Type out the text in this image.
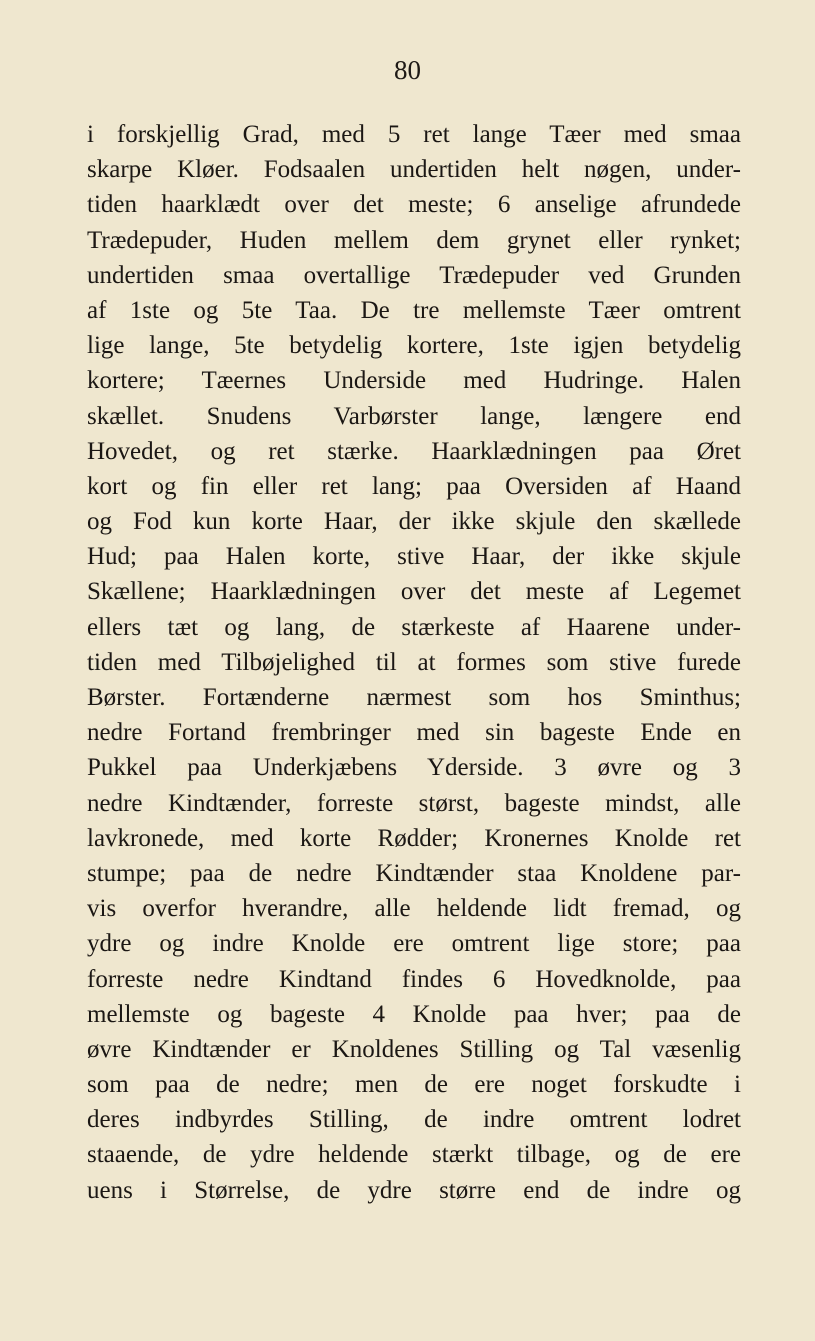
80
i forskjellig Grad, med 5 ret lange Tæer med smaa
skarpe Kløer. Fodsaalen undertiden helt nøgen, under-
tiden haarklædt over det meste; 6 anselige afrundede
Trædepuder, Huden mellem dem grynet eller rynket;
undertiden smaa overtallige Trædepuder ved Grunden
af 1ste og 5te Taa. De tre mellemste Tæer omtrent
lige lange, 5te betydelig kortere, 1ste igjen betydelig
kortere; Tæernes Underside med Hudringe. Halen
skællet. Snudens Varbørster lange, længere end
Hovedet, og ret stærke. Haarklædningen paa Øret
kort og fin eller ret lang; paa Oversiden af Haand
og Fod kun korte Haar, der ikke skjule den skællede
Hud; paa Halen korte, stive Haar, der ikke skjule
Skællene; Haarklædningen over det meste af Legemet
ellers tæt og lang, de stærkeste af Haarene under-
tiden med Tilbøjelighed til at formes som stive furede
Børster. Fortænderne nærmest som hos Sminthus;
nedre Fortand frembringer med sin bageste Ende en
Pukkel paa Underkjæbens Yderside. 3 øvre og 3
nedre Kindtænder, forreste størst, bageste mindst, alle
lavkronede, med korte Rødder; Kronernes Knolde ret
stumpe; paa de nedre Kindtænder staa Knoldene par-
vis overfor hverandre, alle heldende lidt fremad, og
ydre og indre Knolde ere omtrent lige store; paa
forreste nedre Kindtand findes 6 Hovedknolde, paa
mellemste og bageste 4 Knolde paa hver; paa de
øvre Kindtænder er Knoldenes Stilling og Tal væsenlig
som paa de nedre; men de ere noget forskudte i
deres indbyrdes Stilling, de indre omtrent lodret
staaende, de ydre heldende stærkt tilbage, og de ere
uens i Størrelse, de ydre større end de indre og
